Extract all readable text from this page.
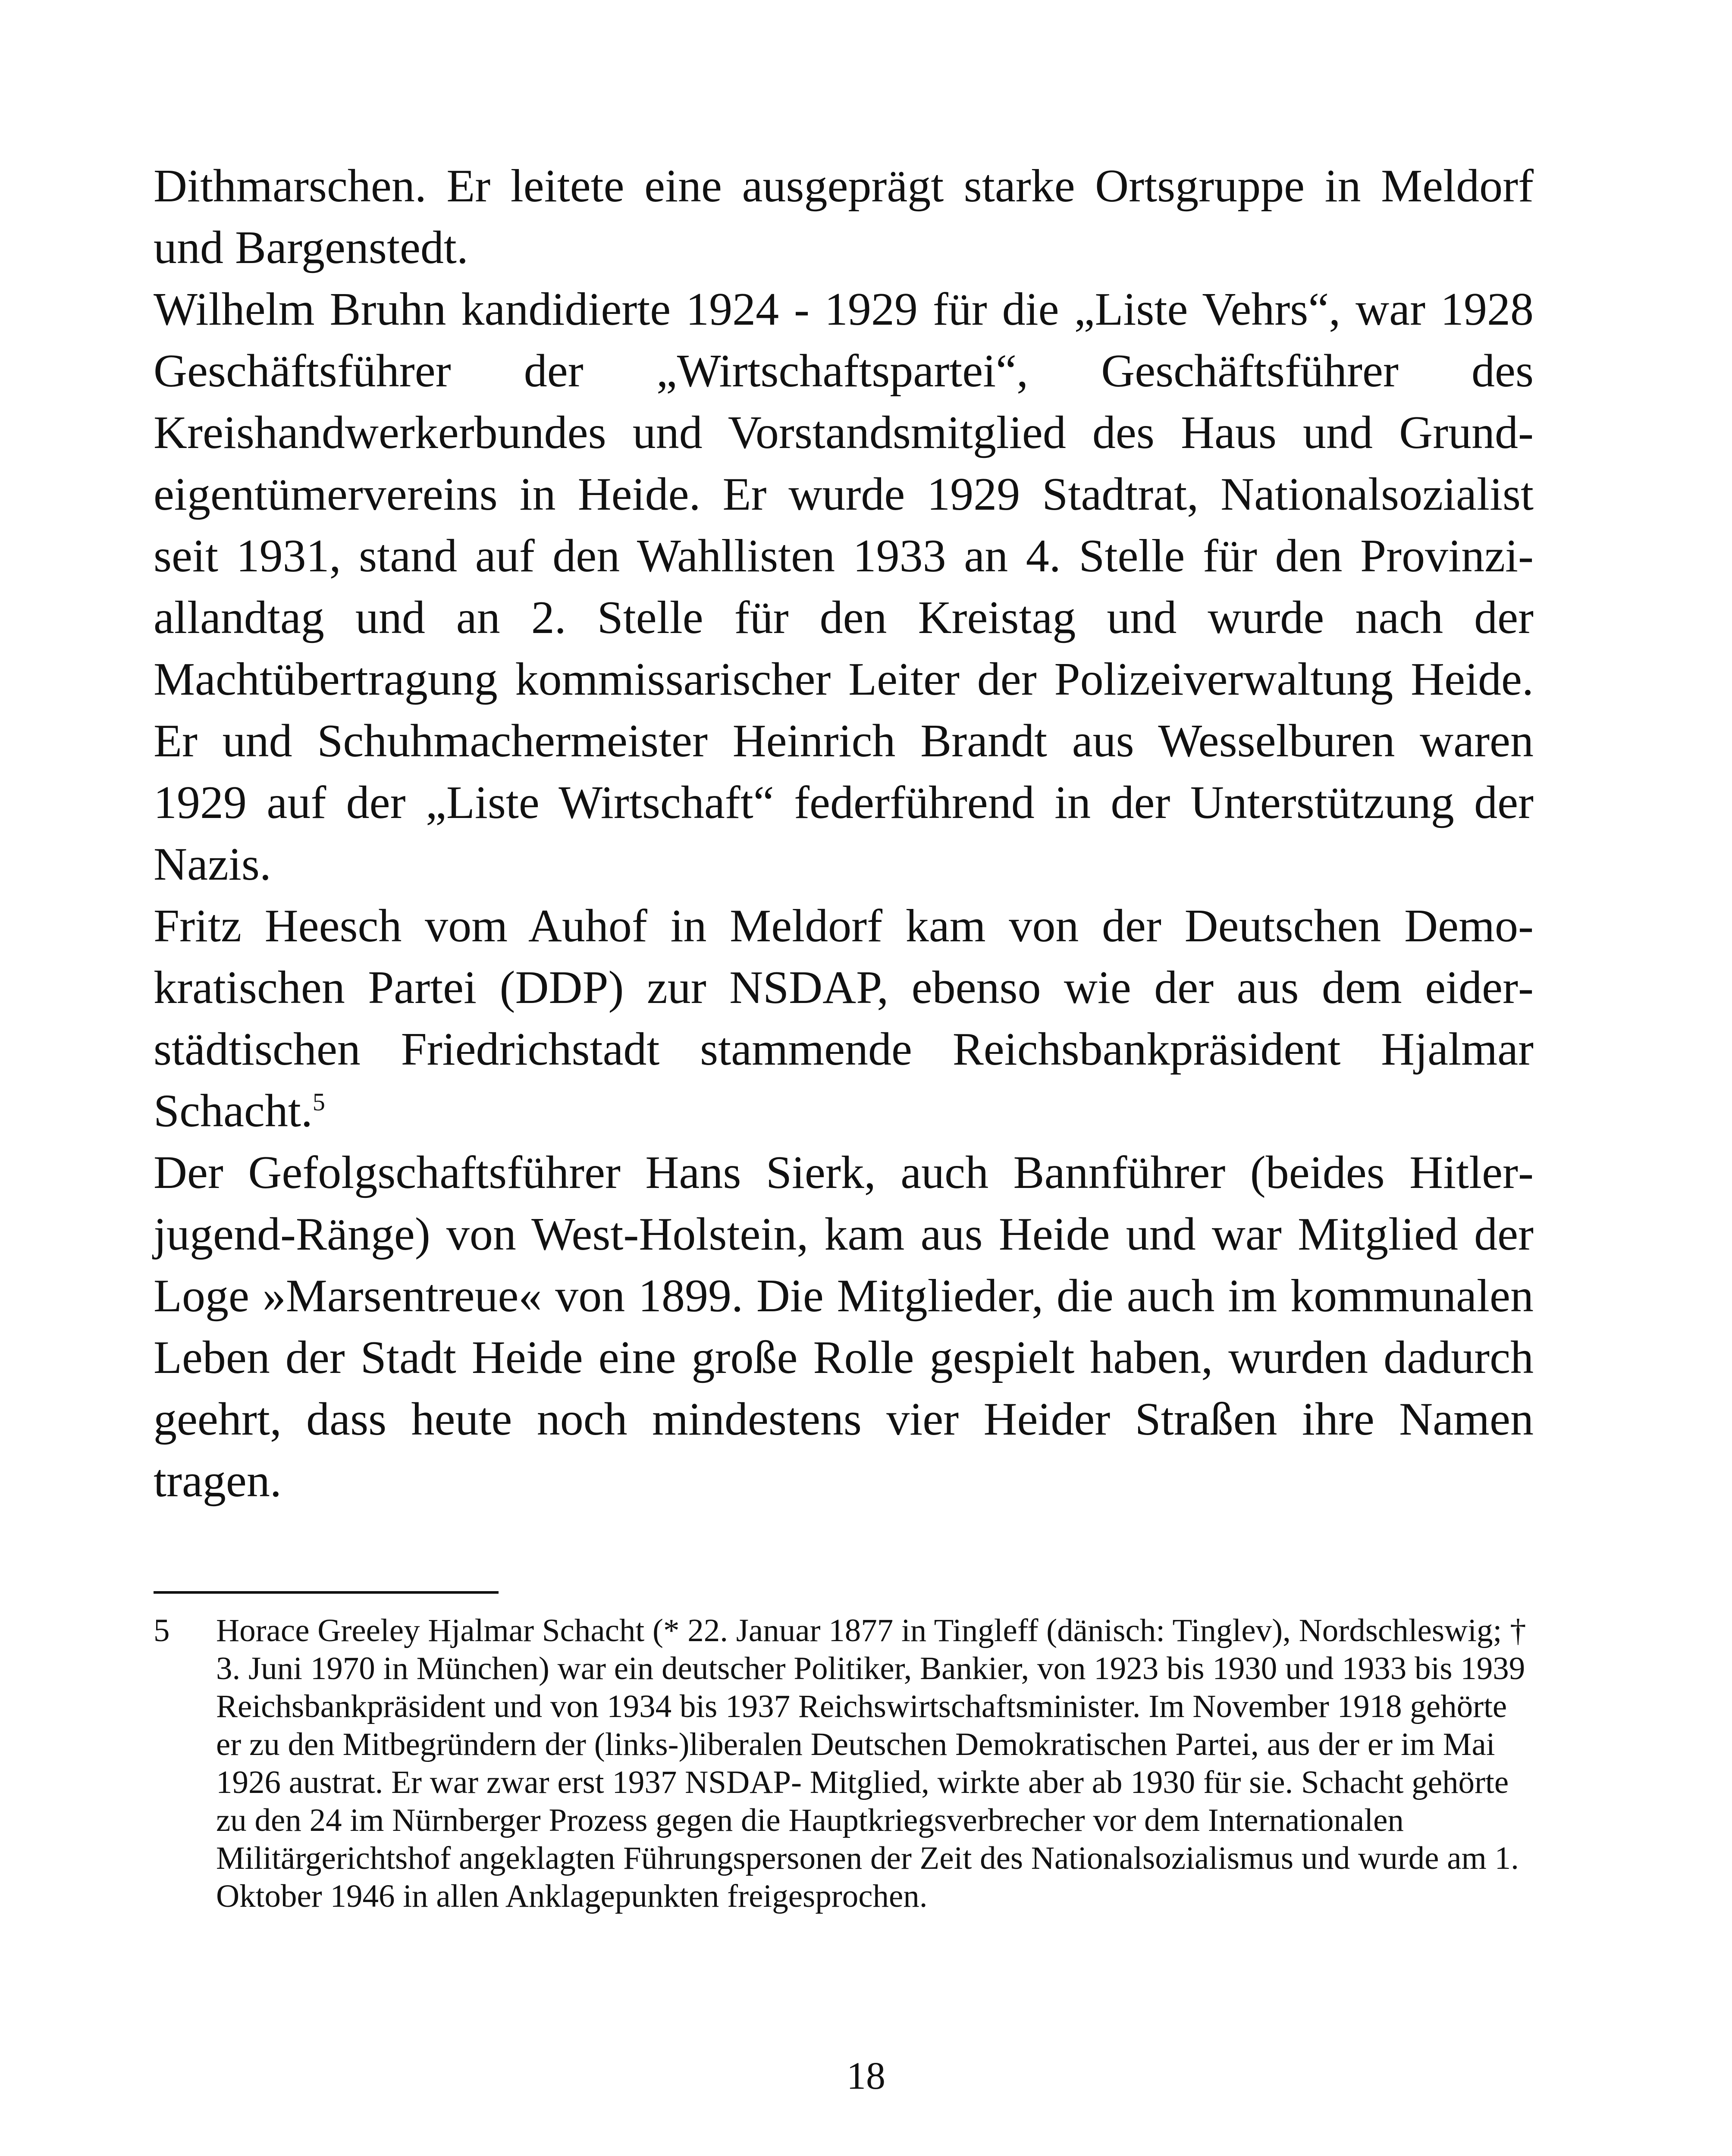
Dithmarschen. Er leitete eine ausgeprägt starke Ortsgruppe in Meldorf und Bargenstedt.

Wilhelm Bruhn kandidierte 1924 - 1929 für die „Liste Vehrs“, war 1928 Geschäftsführer der „Wirtschaftspartei“, Geschäftsführer des Kreishandwerkerbundes und Vorstandsmitglied des Haus und Grundeigentümervereins in Heide. Er wurde 1929 Stadtrat, Nationalsozialist seit 1931, stand auf den Wahllisten 1933 an 4. Stelle für den Provinziallandtag und an 2. Stelle für den Kreistag und wurde nach der Machtübertragung kommissarischer Leiter der Polizeiverwaltung Heide. Er und Schuhmachermeister Heinrich Brandt aus Wesselburen waren 1929 auf der „Liste Wirtschaft“ federführend in der Unterstützung der Nazis.

Fritz Heesch vom Auhof in Meldorf kam von der Deutschen Demokratischen Partei (DDP) zur NSDAP, ebenso wie der aus dem eiderstädtischen Friedrichstadt stammende Reichsbankpräsident Hjalmar Schacht.$^5$

Der Gefolgschaftsführer Hans Sierk, auch Bannführer (beides Hitlerjugend-Ränge) von West-Holstein, kam aus Heide und war Mitglied der Loge »Marsentreue« von 1899. Die Mitglieder, die auch im kommunalen Leben der Stadt Heide eine große Rolle gespielt haben, wurden dadurch geehrt, dass heute noch mindestens vier Heider Straßen ihre Namen tragen.

5	Horace Greeley Hjalmar Schacht (* 22. Januar 1877 in Tingleff (dänisch: Tinglev), Nordschleswig; † 3. Juni 1970 in München) war ein deutscher Politiker, Bankier, von 1923 bis 1930 und 1933 bis 1939 Reichsbankpräsident und von 1934 bis 1937 Reichswirtschaftsminister. Im November 1918 gehörte er zu den Mitbegründern der (links-)liberalen Deutschen Demokratischen Partei, aus der er im Mai 1926 austrat. Er war zwar erst 1937 NSDAP- Mitglied, wirkte aber ab 1930 für sie. Schacht gehörte zu den 24 im Nürnberger Prozess gegen die Hauptkriegsverbrecher vor dem Internationalen Militärgerichtshof angeklagten Führungspersonen der Zeit des Nationalsozialismus und wurde am 1. Oktober 1946 in allen Anklagepunkten freigesprochen.
18
